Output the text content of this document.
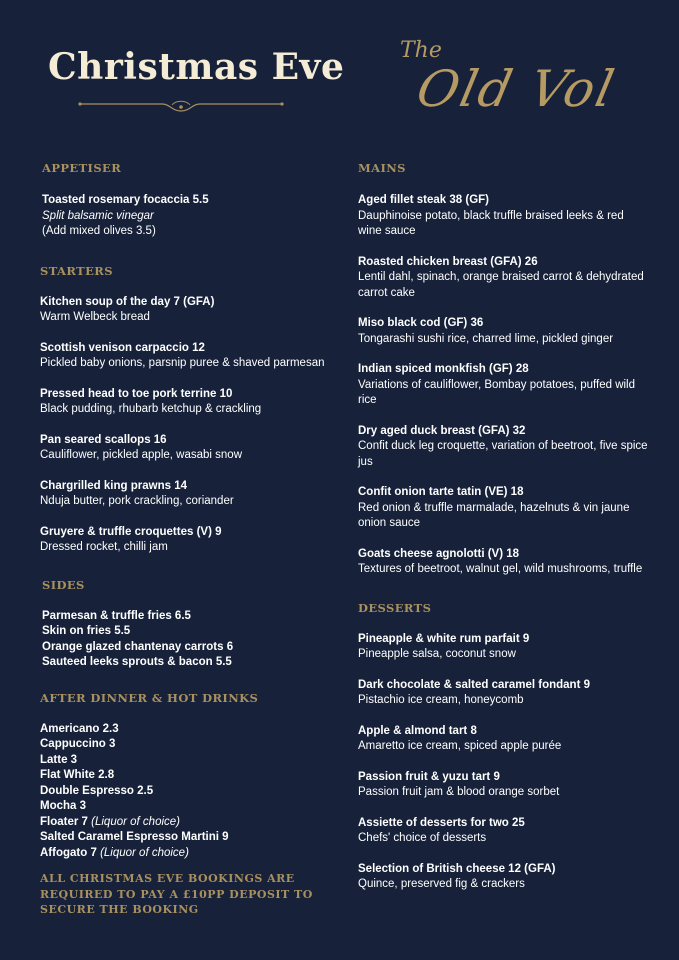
Christmas Eve	The
Old Vol
APPETISER
Toasted rosemary focaccia 5.5
Split balsamic vinegar
(Add mixed olives 3.5)
STARTERS
Kitchen soup of the day 7 (GFA)
Warm Welbeck bread
Scottish venison carpaccio 12
Pickled baby onions, parsnip puree & shaved parmesan
Pressed head to toe pork terrine 10
Black pudding, rhubarb ketchup & crackling
Pan seared scallops 16
Cauliflower, pickled apple, wasabi snow
Chargrilled king prawns 14
Nduja butter, pork crackling, coriander
Gruyere & truffle croquettes (V) 9
Dressed rocket, chilli jam
SIDES
Parmesan & truffle fries 6.5
Skin on fries 5.5
Orange glazed chantenay carrots 6
Sauteed leeks sprouts & bacon 5.5
AFTER DINNER & HOT DRINKS
Americano 2.3
Cappuccino 3
Latte 3
Flat White 2.8
Double Espresso 2.5
Mocha 3
Floater 7 (Liquor of choice)
Salted Caramel Espresso Martini 9
Affogato 7 (Liquor of choice)
ALL CHRISTMAS EVE BOOKINGS ARE REQUIRED TO PAY A £10PP DEPOSIT TO SECURE THE BOOKING
MAINS
Aged fillet steak 38 (GF)
Dauphinoise potato, black truffle braised leeks & red wine sauce
Roasted chicken breast (GFA) 26
Lentil dahl, spinach, orange braised carrot & dehydrated carrot cake
Miso black cod (GF) 36
Tongarashi sushi rice, charred lime, pickled ginger
Indian spiced monkfish (GF) 28
Variations of cauliflower, Bombay potatoes, puffed wild rice
Dry aged duck breast (GFA) 32
Confit duck leg croquette, variation of beetroot, five spice jus
Confit onion tarte tatin (VE) 18
Red onion & truffle marmalade, hazelnuts & vin jaune onion sauce
Goats cheese agnolotti (V) 18
Textures of beetroot, walnut gel, wild mushrooms, truffle
DESSERTS
Pineapple & white rum parfait 9
Pineapple salsa, coconut snow
Dark chocolate & salted caramel fondant 9
Pistachio ice cream, honeycomb
Apple & almond tart 8
Amaretto ice cream, spiced apple purée
Passion fruit & yuzu tart 9
Passion fruit jam & blood orange sorbet
Assiette of desserts for two 25
Chefs' choice of desserts
Selection of British cheese 12 (GFA)
Quince, preserved fig & crackers
